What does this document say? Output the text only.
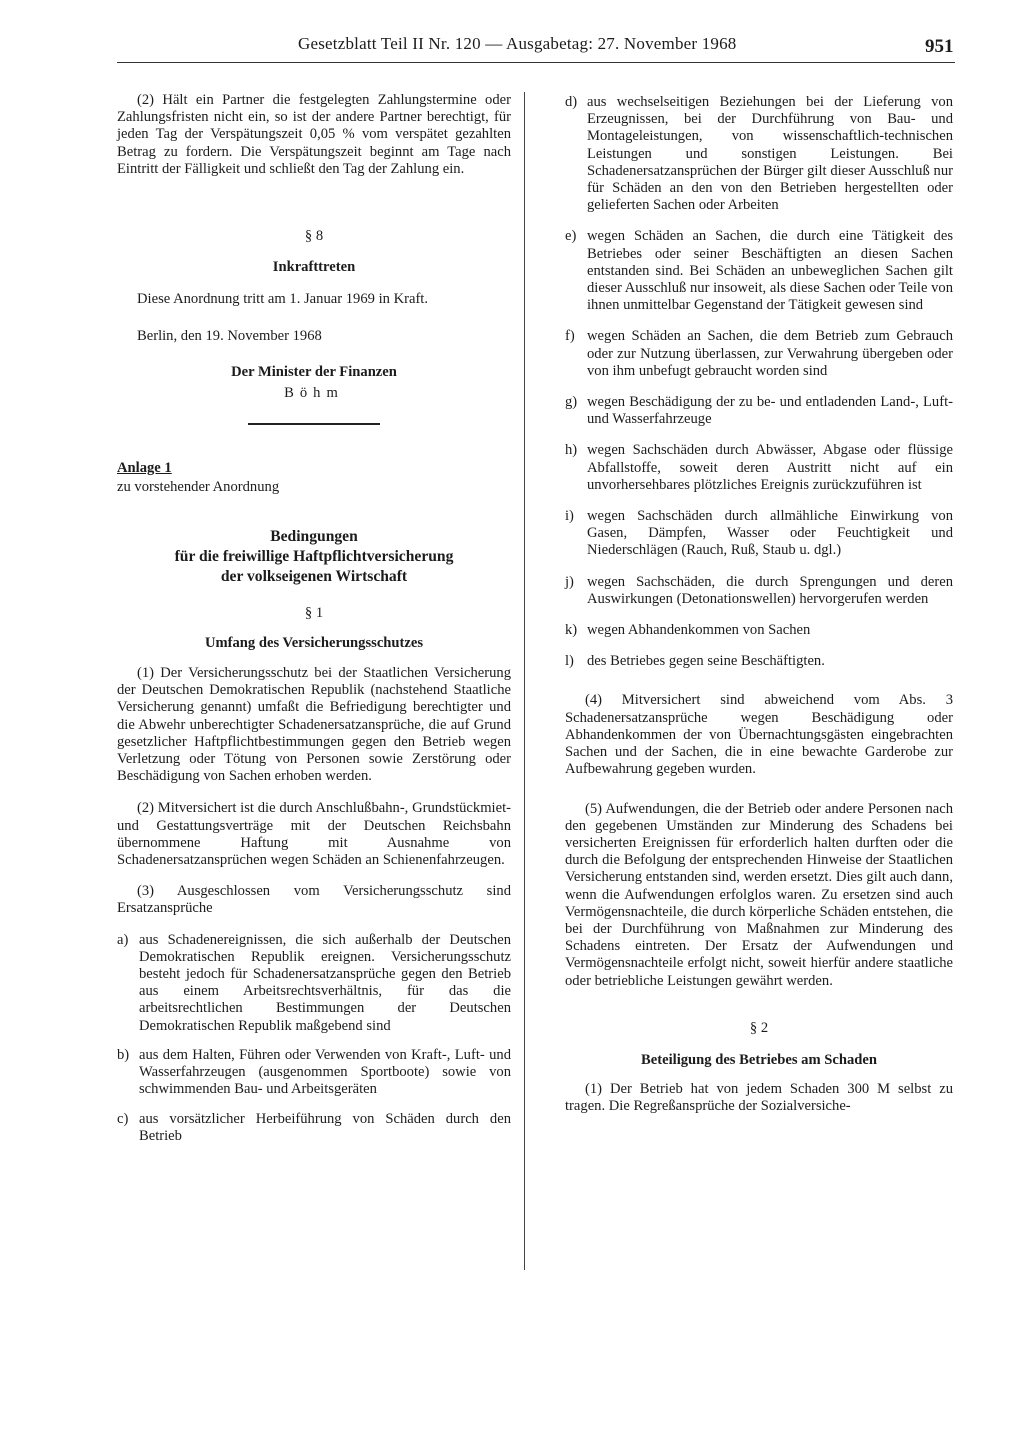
Gesetzblatt Teil II Nr. 120 — Ausgabetag: 27. November 1968	951

(2) Hält ein Partner die festgelegten Zahlungstermine oder Zahlungsfristen nicht ein, so ist der andere Partner berechtigt, für jeden Tag der Verspätungszeit 0,05 % vom verspätet gezahlten Betrag zu fordern. Die Verspätungszeit beginnt am Tage nach Eintritt der Fälligkeit und schließt den Tag der Zahlung ein.

§ 8

Inkrafttreten

Diese Anordnung tritt am 1. Januar 1969 in Kraft.

Berlin, den 19. November 1968

Der Minister der Finanzen

Böhm

Anlage 1

zu vorstehender Anordnung

Bedingungen

für die freiwillige Haftpflichtversicherung

der volkseigenen Wirtschaft

§ 1

Umfang des Versicherungsschutzes

(1) Der Versicherungsschutz bei der Staatlichen Versicherung der Deutschen Demokratischen Republik (nachstehend Staatliche Versicherung genannt) umfaßt die Befriedigung berechtigter und die Abwehr unberechtigter Schadenersatzansprüche, die auf Grund gesetzlicher Haftpflichtbestimmungen gegen den Betrieb wegen Verletzung oder Tötung von Personen sowie Zerstörung oder Beschädigung von Sachen erhoben werden.

(2) Mitversichert ist die durch Anschlußbahn-, Grundstückmiet- und Gestattungsverträge mit der Deutschen Reichsbahn übernommene Haftung mit Ausnahme von Schadenersatzansprüchen wegen Schäden an Schienenfahrzeugen.

(3) Ausgeschlossen vom Versicherungsschutz sind Ersatzansprüche

a) aus Schadenereignissen, die sich außerhalb der Deutschen Demokratischen Republik ereignen. Versicherungsschutz besteht jedoch für Schadenersatzansprüche gegen den Betrieb aus einem Arbeitsrechtsverhältnis, für das die arbeitsrechtlichen Bestimmungen der Deutschen Demokratischen Republik maßgebend sind

b) aus dem Halten, Führen oder Verwenden von Kraft-, Luft- und Wasserfahrzeugen (ausgenommen Sportboote) sowie von schwimmenden Bau- und Arbeitsgeräten

c) aus vorsätzlicher Herbeiführung von Schäden durch den Betrieb

d) aus wechselseitigen Beziehungen bei der Lieferung von Erzeugnissen, bei der Durchführung von Bau- und Montageleistungen, von wissenschaftlich-technischen Leistungen und sonstigen Leistungen. Bei Schadenersatzansprüchen der Bürger gilt dieser Ausschluß nur für Schäden an den von den Betrieben hergestellten oder gelieferten Sachen oder Arbeiten

e) wegen Schäden an Sachen, die durch eine Tätigkeit des Betriebes oder seiner Beschäftigten an diesen Sachen entstanden sind. Bei Schäden an unbeweglichen Sachen gilt dieser Ausschluß nur insoweit, als diese Sachen oder Teile von ihnen unmittelbar Gegenstand der Tätigkeit gewesen sind

f) wegen Schäden an Sachen, die dem Betrieb zum Gebrauch oder zur Nutzung überlassen, zur Verwahrung übergeben oder von ihm unbefugt gebraucht worden sind

g) wegen Beschädigung der zu be- und entladenden Land-, Luft- und Wasserfahrzeuge

h) wegen Sachschäden durch Abwässer, Abgase oder flüssige Abfallstoffe, soweit deren Austritt nicht auf ein unvorhersehbares plötzliches Ereignis zurückzuführen ist

i) wegen Sachschäden durch allmähliche Einwirkung von Gasen, Dämpfen, Wasser oder Feuchtigkeit und Niederschlägen (Rauch, Ruß, Staub u. dgl.)

j) wegen Sachschäden, die durch Sprengungen und deren Auswirkungen (Detonationswellen) hervorgerufen werden

k) wegen Abhandenkommen von Sachen

l) des Betriebes gegen seine Beschäftigten.

(4) Mitversichert sind abweichend vom Abs. 3 Schadenersatzansprüche wegen Beschädigung oder Abhandenkommen der von Übernachtungsgästen eingebrachten Sachen und der Sachen, die in eine bewachte Garderobe zur Aufbewahrung gegeben wurden.

(5) Aufwendungen, die der Betrieb oder andere Personen nach den gegebenen Umständen zur Minderung des Schadens bei versicherten Ereignissen für erforderlich halten durften oder die durch die Befolgung der entsprechenden Hinweise der Staatlichen Versicherung entstanden sind, werden ersetzt. Dies gilt auch dann, wenn die Aufwendungen erfolglos waren. Zu ersetzen sind auch Vermögensnachteile, die durch körperliche Schäden entstehen, die bei der Durchführung von Maßnahmen zur Minderung des Schadens eintreten. Der Ersatz der Aufwendungen und Vermögensnachteile erfolgt nicht, soweit hierfür andere staatliche oder betriebliche Leistungen gewährt werden.

§ 2

Beteiligung des Betriebes am Schaden

(1) Der Betrieb hat von jedem Schaden 300 M selbst zu tragen. Die Regreßansprüche der Sozialversiche-
